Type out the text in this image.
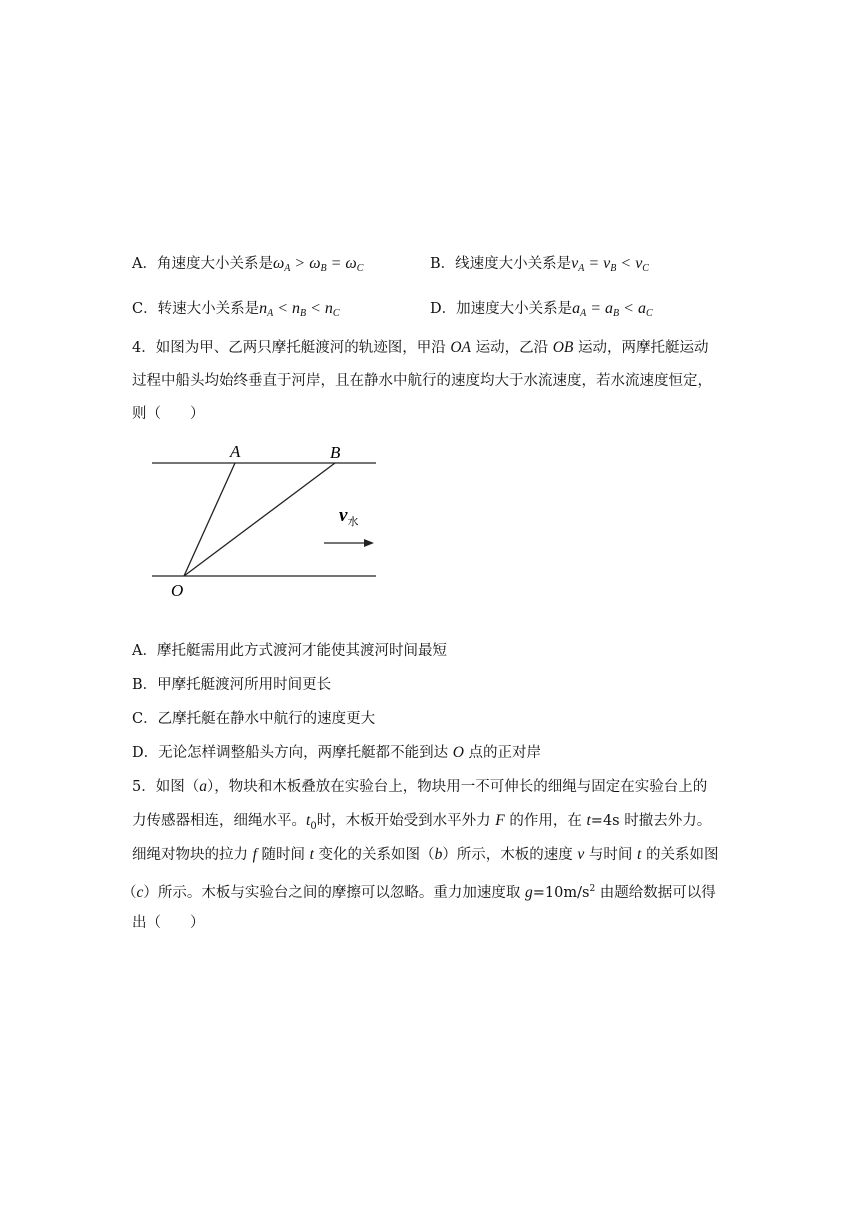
A．角速度大小关系是$\omega_A > \omega_B = \omega_C$	B．线速度大小关系是$v_A = v_B < v_C$
C．转速大小关系是$n_A < n_B < n_C$	D．加速度大小关系是$a_A = a_B < a_C$
4．如图为甲、乙两只摩托艇渡河的轨迹图，甲沿 OA 运动，乙沿 OB 运动，两摩托艇运动
过程中船头均始终垂直于河岸，且在静水中航行的速度均大于水流速度，若水流速度恒定，
则（　　）
A	B
O
$v_水$
A．摩托艇需用此方式渡河才能使其渡河时间最短
B．甲摩托艇渡河所用时间更长
C．乙摩托艇在静水中航行的速度更大
D．无论怎样调整船头方向，两摩托艇都不能到达 O 点的正对岸
5．如图（a），物块和木板叠放在实验台上，物块用一不可伸长的细绳与固定在实验台上的
力传感器相连，细绳水平。$t_0$时，木板开始受到水平外力 F 的作用，在 t=4s 时撤去外力。
细绳对物块的拉力 f 随时间 t 变化的关系如图（b）所示，木板的速度 v 与时间 t 的关系如图
（c）所示。木板与实验台之间的摩擦可以忽略。重力加速度取 $g=10m/s^2$ 由题给数据可以得
出（　　）
